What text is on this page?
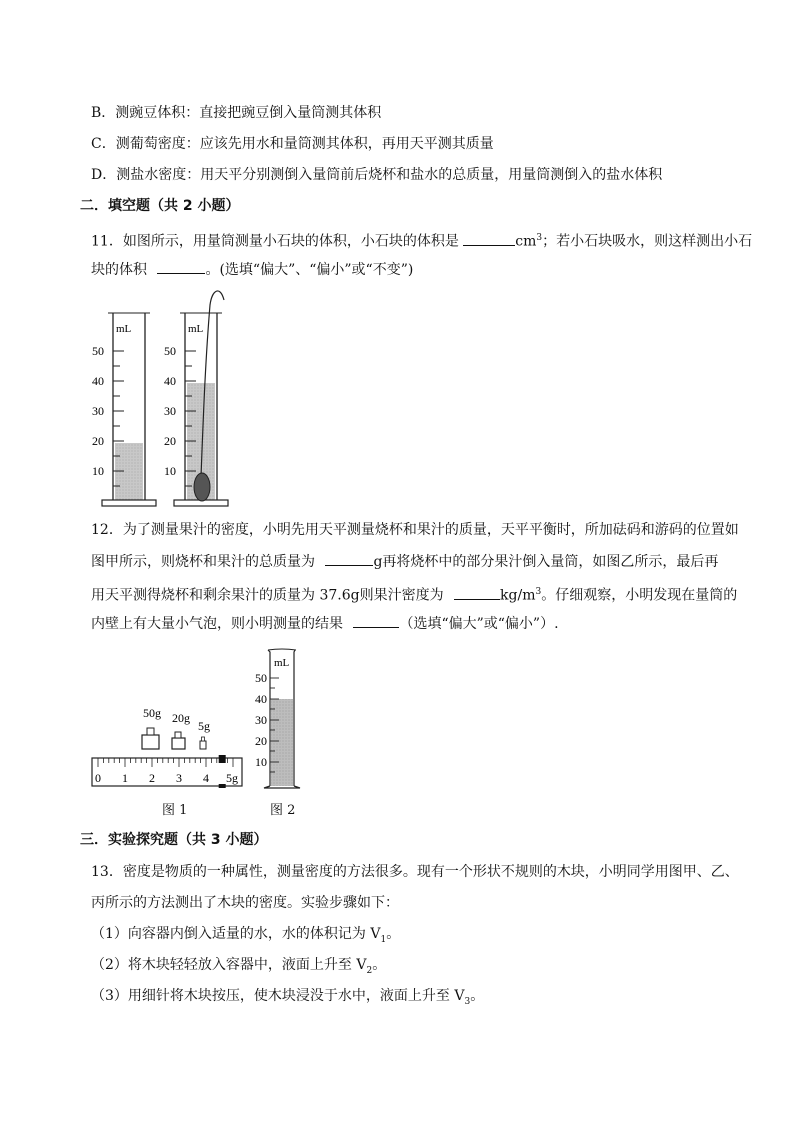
B．测豌豆体积：直接把豌豆倒入量筒测其体积
C．测葡萄密度：应该先用水和量筒测其体积，再用天平测其质量
D．测盐水密度：用天平分别测倒入量筒前后烧杯和盐水的总质量，用量筒测倒入的盐水体积
二．填空题（共 2 小题）
11．如图所示，用量筒测量小石块的体积，小石块的体积是	$cm^3$；若小石块吸水，则这样测出小石
块的体积	。(选填“偏大”、“偏小”或“不变”)
mL
50
40
30
20
10
mL
50
40
30
20
10
12．为了测量果汁的密度，小明先用天平测量烧杯和果汁的质量，天平平衡时，所加砝码和游码的位置如
图甲所示，则烧杯和果汁的总质量为	g再将烧杯中的部分果汁倒入量筒，如图乙所示，最后再
用天平测得烧杯和剩余果汁的质量为 37.6g则果汁密度为	$kg/m^3$。仔细观察，小明发现在量筒的
内壁上有大量小气泡，则小明测量的结果	（选填“偏大”或“偏小”）.
50g 20g
5g
0 1 2 3 4 5g
图 1
mL
50
40
30
20
10
图 2
三．实验探究题（共 3 小题）
13．密度是物质的一种属性，测量密度的方法很多。现有一个形状不规则的木块，小明同学用图甲、乙、
丙所示的方法测出了木块的密度。实验步骤如下：
（1）向容器内倒入适量的水，水的体积记为 $V_1$。
（2）将木块轻轻放入容器中，液面上升至 $V_2$。
（3）用细针将木块按压，使木块浸没于水中，液面上升至 $V_3$。
